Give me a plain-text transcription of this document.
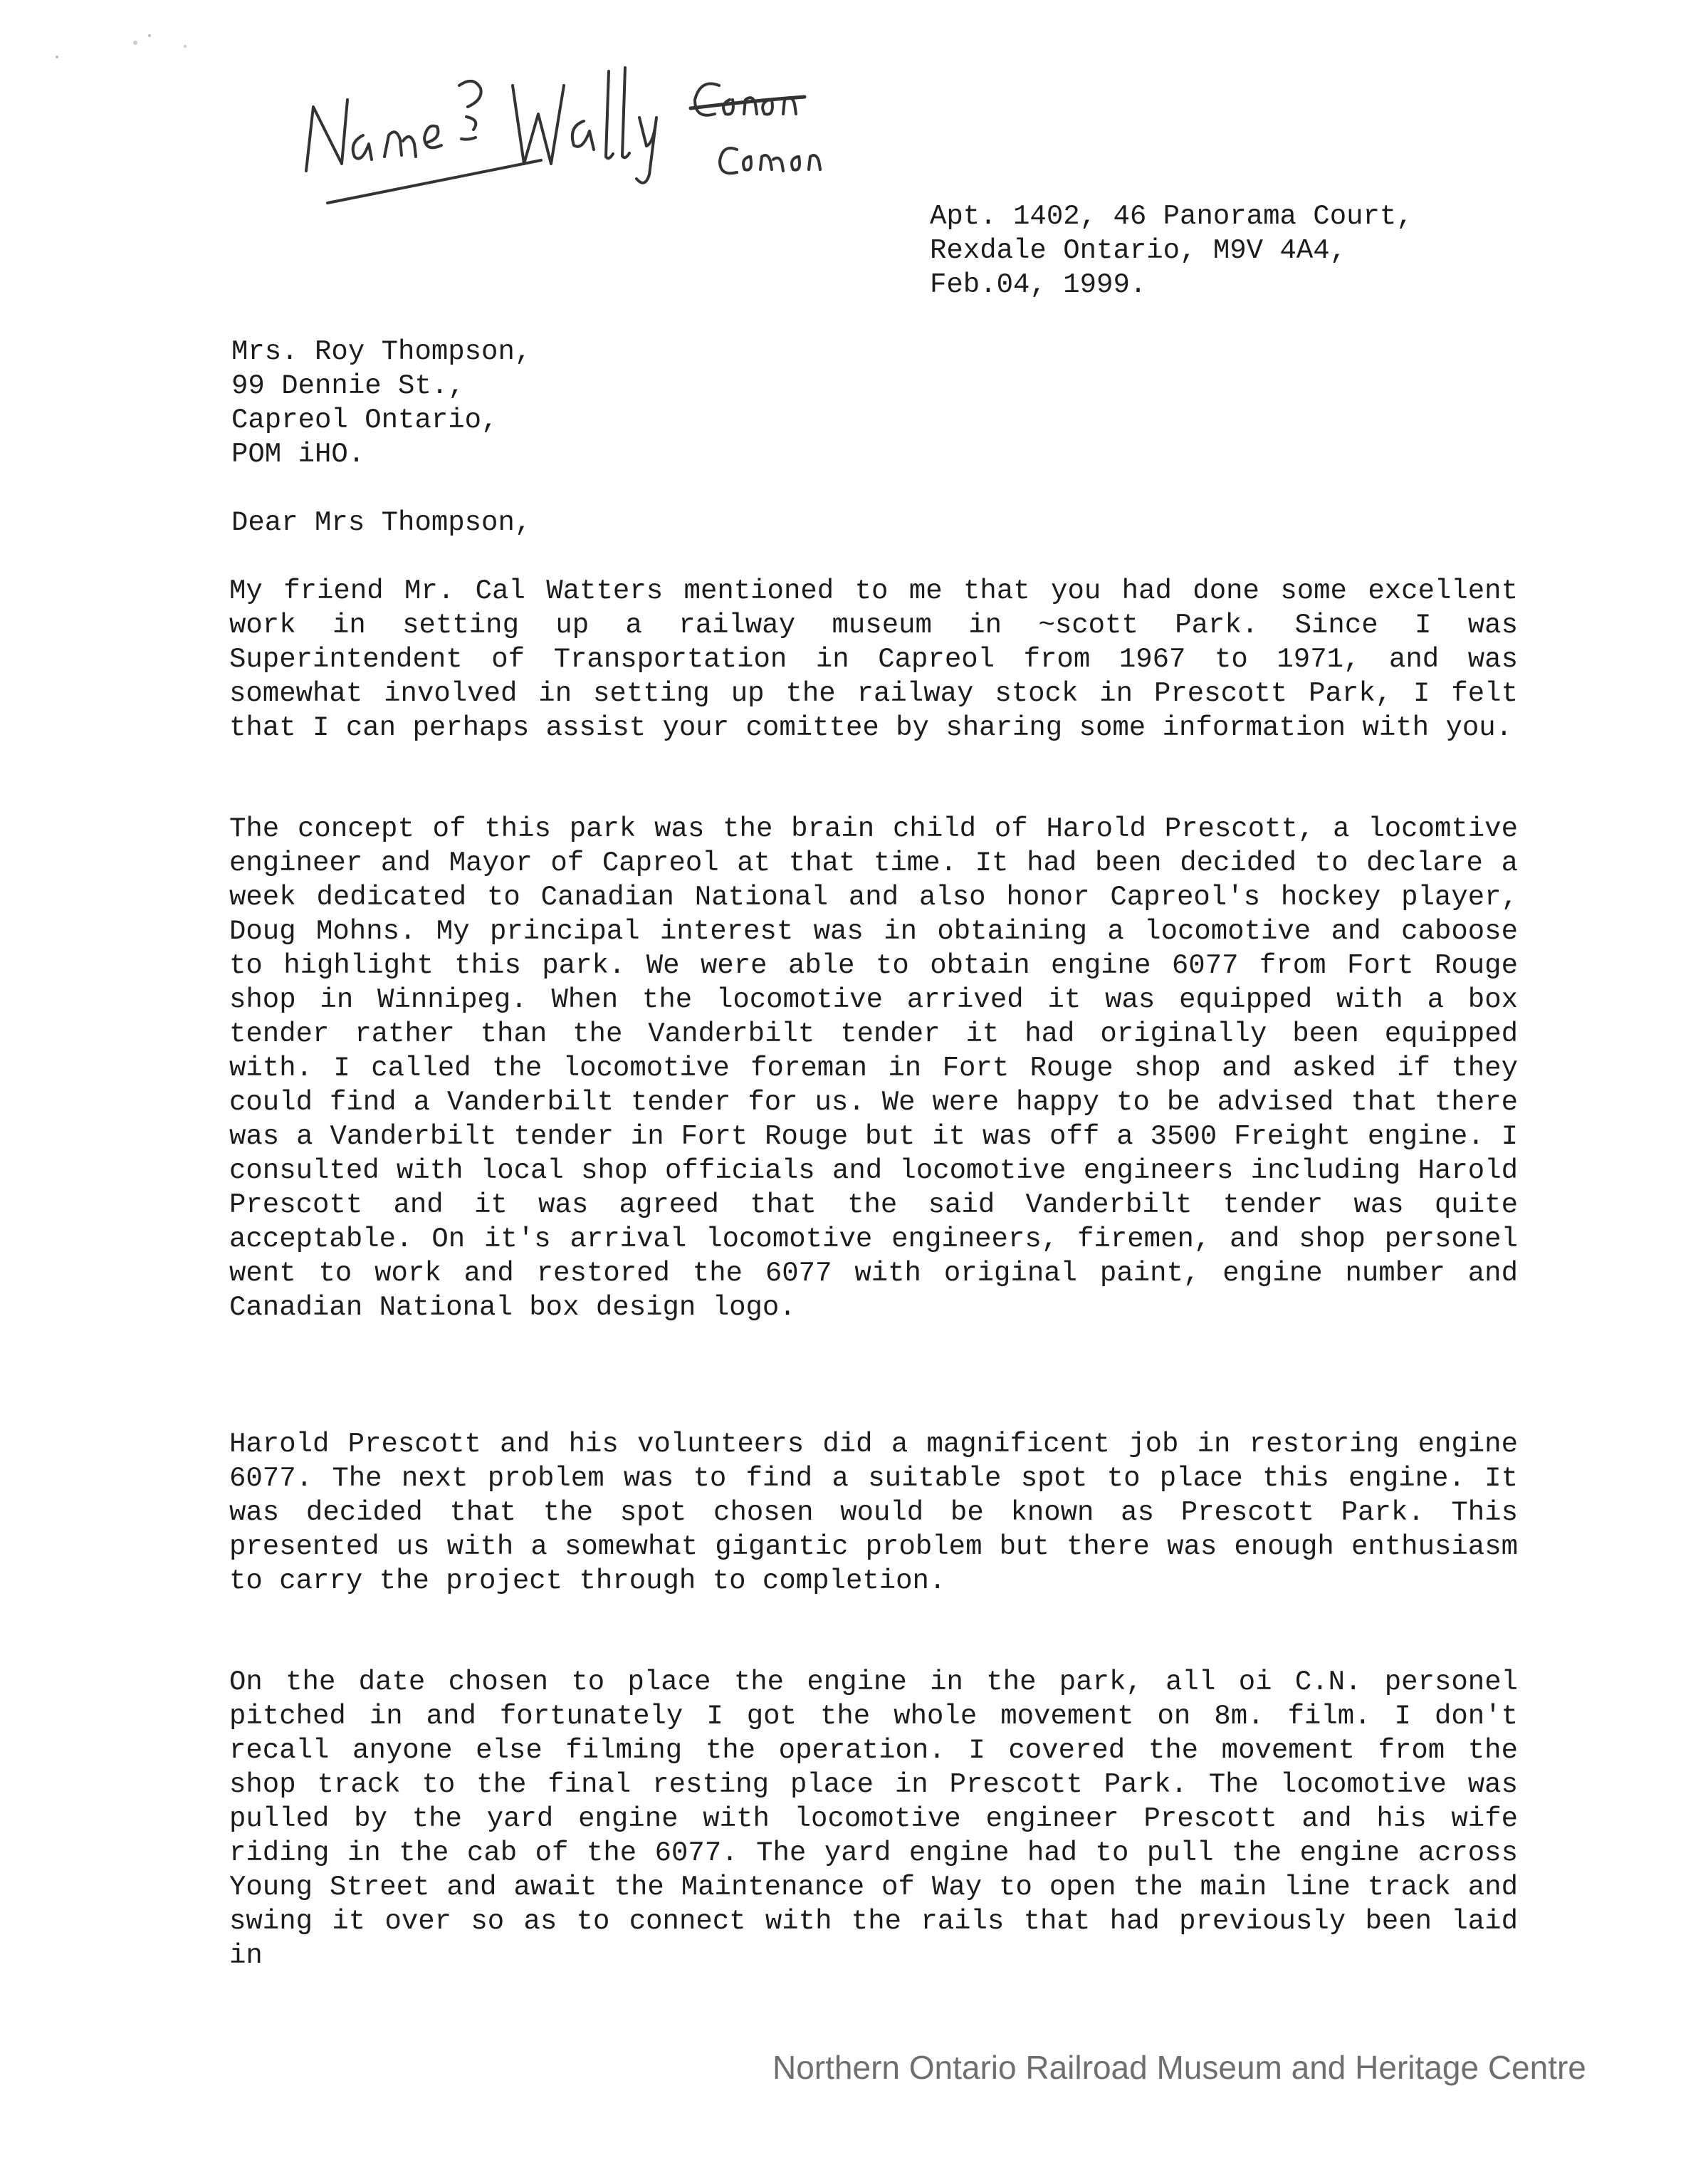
Apt. 1402, 46 Panorama Court,
Rexdale Ontario, M9V 4A4,
Feb.04, 1999.
Mrs. Roy Thompson,
99 Dennie St.,
Capreol Ontario,
POM iHO.
Dear Mrs Thompson,

My friend Mr. Cal Watters mentioned to me that you had done some excellent work in setting up a railway museum in ~scott Park. Since I was Superintendent of Transportation in Capreol from 1967 to 1971, and was somewhat involved in setting up the railway stock in Prescott Park, I felt that I can perhaps assist your comittee by sharing some information with you.

The concept of this park was the brain child of Harold Prescott, a locomtive engineer and Mayor of Capreol at that time. It had been decided to declare a week dedicated to Canadian National and also honor Capreol's hockey player, Doug Mohns. My principal interest was in obtaining a locomotive and caboose to highlight this park. We were able to obtain engine 6077 from Fort Rouge shop in Winnipeg. When the locomotive arrived it was equipped with a box tender rather than the Vanderbilt tender it had originally been equipped with. I called the locomotive foreman in Fort Rouge shop and asked if they could find a Vanderbilt tender for us. We were happy to be advised that there was a Vanderbilt tender in Fort Rouge but it was off a 3500 Freight engine. I consulted with local shop officials and locomotive engineers including Harold Prescott and it was agreed that the said Vanderbilt tender was quite acceptable. On it's arrival locomotive engineers, firemen, and shop personel went to work and restored the 6077 with original paint, engine number and Canadian National box design logo.

Harold Prescott and his volunteers did a magnificent job in restoring engine 6077. The next problem was to find a suitable spot to place this engine. It was decided that the spot chosen would be known as Prescott Park. This presented us with a somewhat gigantic problem but there was enough enthusiasm to carry the project through to completion.

On the date chosen to place the engine in the park, all oi C.N. personel pitched in and fortunately I got the whole movement on 8m. film. I don't recall anyone else filming the operation. I covered the movement from the shop track to the final resting place in Prescott Park. The locomotive was pulled by the yard engine with locomotive engineer Prescott and his wife riding in the cab of the 6077. The yard engine had to pull the engine across Young Street and await the Maintenance of Way to open the main line track and swing it over so as to connect with the rails that had previously been laid in

Northern Ontario Railroad Museum and Heritage Centre
